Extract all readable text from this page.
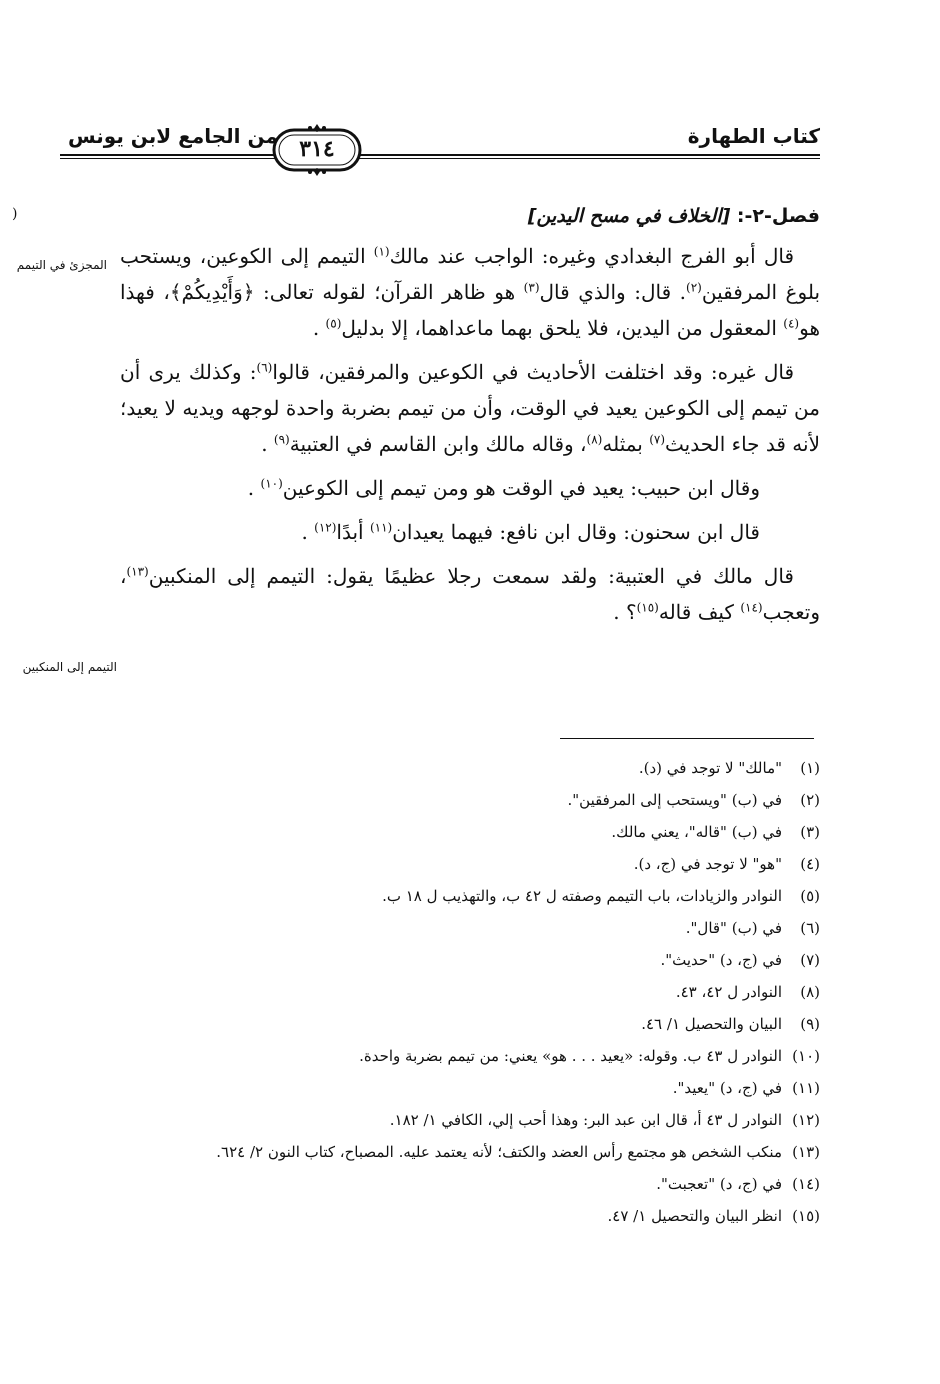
كتاب الطهارة
٣١٤
من الجامع لابن يونس
(
المجزئ في التيمم
التيمم إلى المنكبين
فصل-٢-: [الخلاف في مسح اليدين]

قال أبو الفرج البغدادي وغيره: الواجب عند مالك$^{(١)}$ التيمم إلى الكوعين، ويستحب بلوغ المرفقين$^{(٢)}$. قال: والذي قال$^{(٣)}$ هو ظاهر القرآن؛ لقوله تعالى: ﴿وَأَيْدِيكُمْ﴾، فهذا هو$^{(٤)}$ المعقول من اليدين، فلا يلحق بهما ماعداهما، إلا بدليل$^{(٥)}$ .

قال غيره: وقد اختلفت الأحاديث في الكوعين والمرفقين، قالوا$^{(٦)}$: وكذلك يرى أن من تيمم إلى الكوعين يعيد في الوقت، وأن من تيمم بضربة واحدة لوجهه ويديه لا يعيد؛ لأنه قد جاء الحديث$^{(٧)}$ بمثله$^{(٨)}$، وقاله مالك وابن القاسم في العتبية$^{(٩)}$ .

وقال ابن حبيب: يعيد في الوقت هو ومن تيمم إلى الكوعين$^{(١٠)}$ .

قال ابن سحنون: وقال ابن نافع: فيهما يعيدان$^{(١١)}$ أبدًا$^{(١٢)}$ .

قال مالك في العتبية: ولقد سمعت رجلا عظيمًا يقول: التيمم إلى المنكبين$^{(١٣)}$، وتعجب$^{(١٤)}$ كيف قاله$^{(١٥)}$؟ .

(١)"مالك" لا توجد في (د).

(٢)في (ب) "ويستحب إلى المرفقين".

(٣)في (ب) "قاله"، يعني مالك.

(٤)"هو" لا توجد في (ج، د).

(٥)النوادر والزيادات، باب التيمم وصفته ل ٤٢ ب، والتهذيب ل ١٨ ب.

(٦)في (ب) "قال".

(٧)في (ج، د) "حديث".

(٨)النوادر ل ٤٢، ٤٣.

(٩)البيان والتحصيل ١/ ٤٦.

(١٠)النوادر ل ٤٣ ب. وقوله: «يعيد . . . هو» يعني: من تيمم بضربة واحدة.

(١١)في (ج، د) "يعيد".

(١٢)النوادر ل ٤٣ أ، قال ابن عبد البر: وهذا أحب إلي، الكافي ١/ ١٨٢.

(١٣)منكب الشخص هو مجتمع رأس العضد والكتف؛ لأنه يعتمد عليه. المصباح، كتاب النون ٢/ ٦٢٤.

(١٤)في (ج، د) "تعجبت".

(١٥)انظر البيان والتحصيل ١/ ٤٧.
